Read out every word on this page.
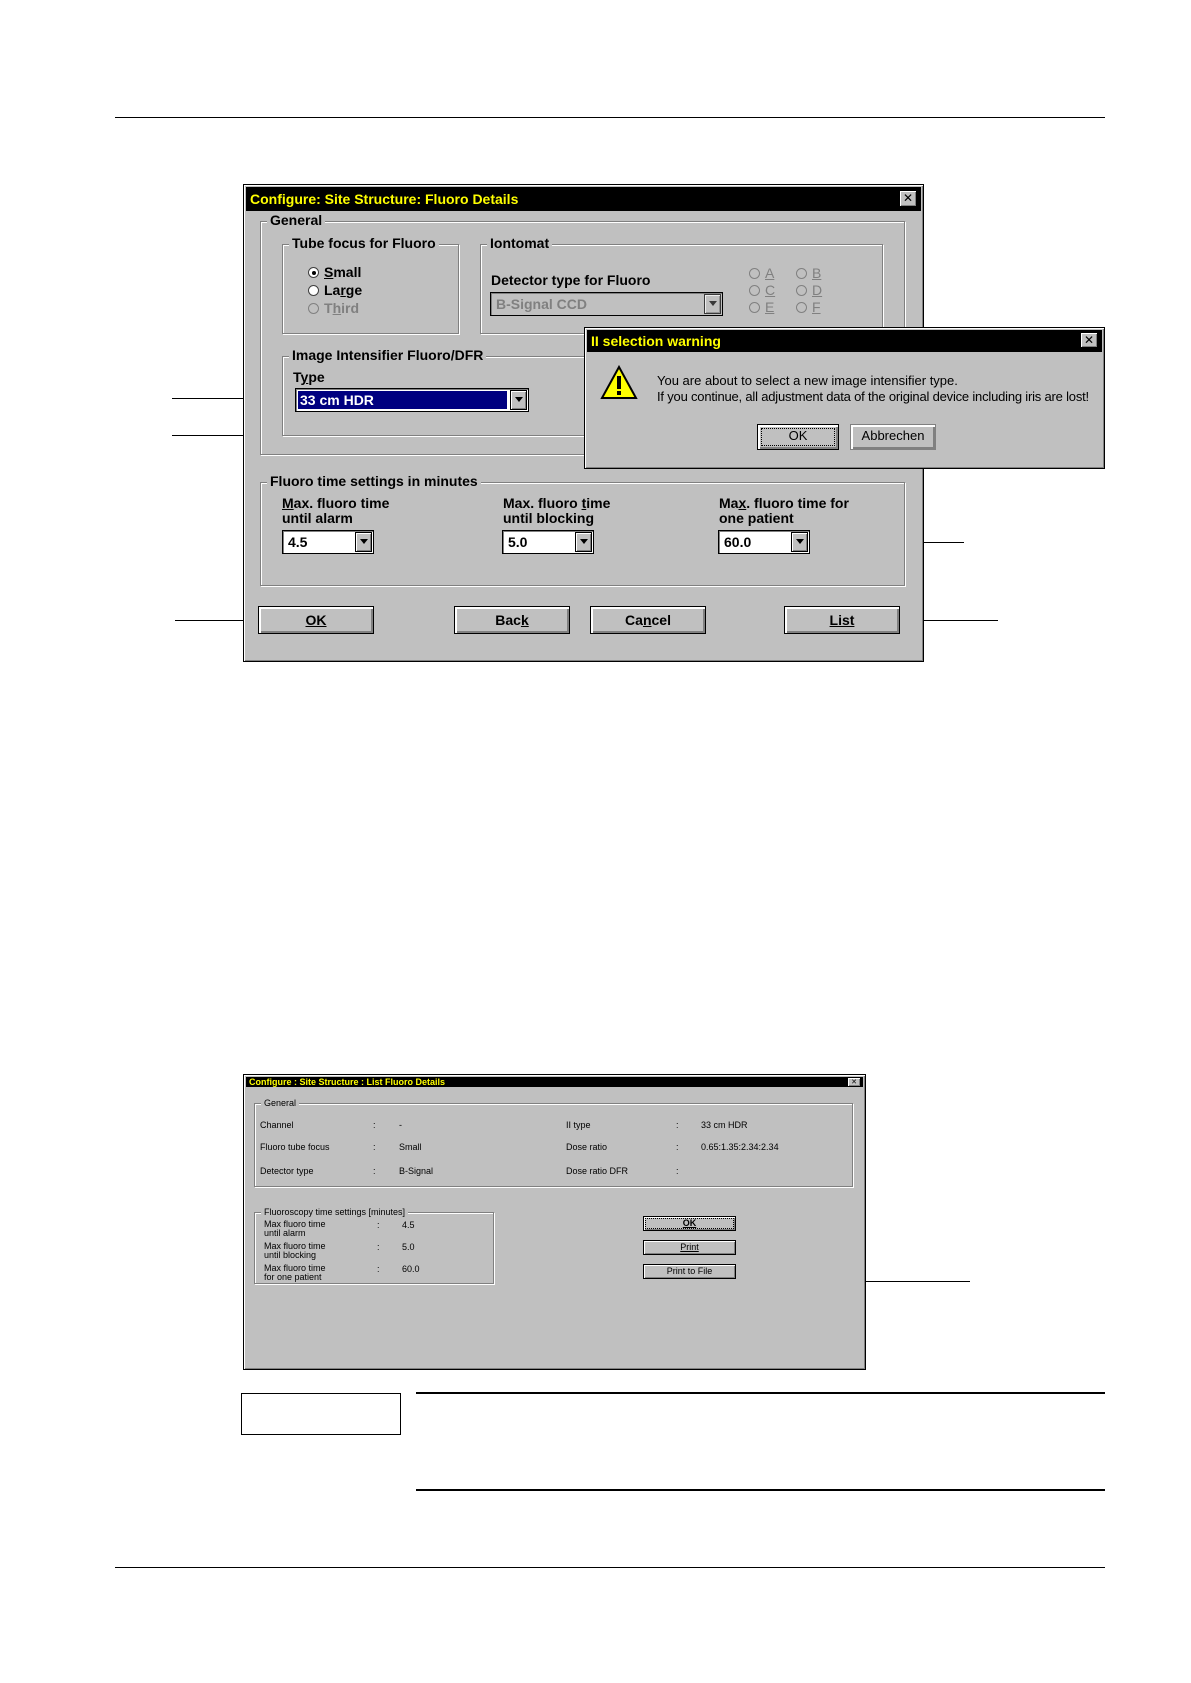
Configure: Site Structure: Fluoro Details	✕
General
Tube focus for Fluoro
Small
Large
Third
Iontomat
Detector type for Fluoro
B-Signal CCD
A	B
C	D
E	F
Image Intensifier Fluoro/DFR
Type
33 cm HDR
Fluoro time settings in minutes
Max. fluoro time
until alarm
4.5
Max. fluoro time
until blocking
5.0
Max. fluoro time for
one patient
60.0
OK	Back	Cancel	List
II selection warning	✕
You are about to select a new image intensifier type.
If you continue, all adjustment data of the original device including iris are lost!
OK	Abbrechen
Configure : Site Structure : List Fluoro Details	✕
General
Channel	:	-
Fluoro tube focus	:	Small
Detector type	:	B-Signal
II type	: 33 cm HDR
Dose ratio	: 0.65:1.35:2.34:2.34
Dose ratio DFR	:
Fluoroscopy time settings [minutes]
Max fluoro time
until alarm
: 4.5
Max fluoro time
until blocking
: 5.0
Max fluoro time
for one patient
: 60.0
OK
Print
Print to File
